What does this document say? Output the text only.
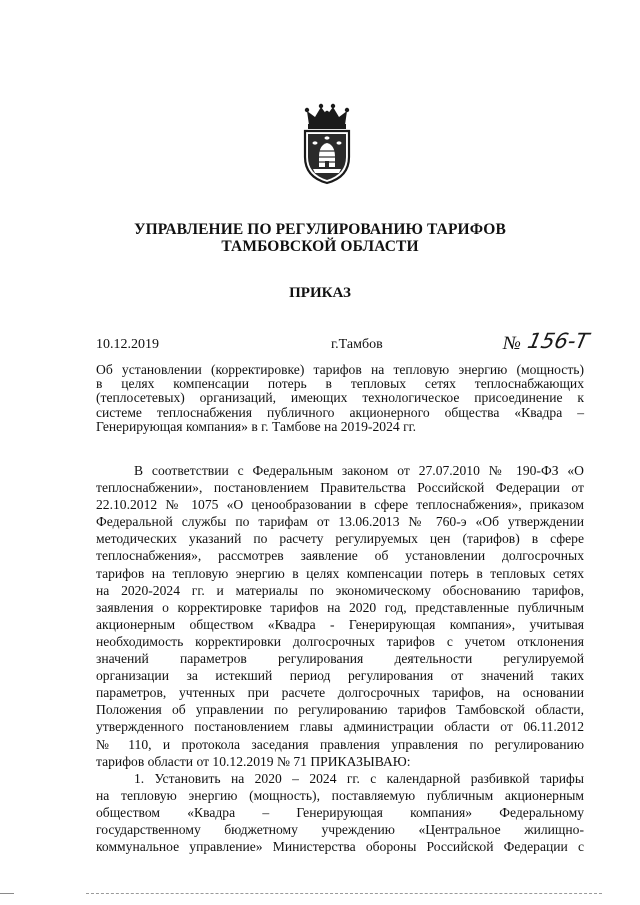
УПРАВЛЕНИЕ ПО РЕГУЛИРОВАНИЮ ТАРИФОВ
ТАМБОВСКОЙ ОБЛАСТИ
ПРИКАЗ
10.12.2019	г.Тамбов	№ 156-Т
Об установлении (корректировке) тарифов на тепловую энергию (мощность)
в целях компенсации потерь в тепловых сетях теплоснабжающих
(теплосетевых) организаций, имеющих технологическое присоединение к
системе теплоснабжения публичного акционерного общества «Квадра –
Генерирующая компания» в г. Тамбове на 2019-2024 гг.
В соответствии с Федеральным законом от 27.07.2010 № 190-ФЗ «О
теплоснабжении», постановлением Правительства Российской Федерации от
22.10.2012 № 1075 «О ценообразовании в сфере теплоснабжения», приказом
Федеральной службы по тарифам от 13.06.2013 № 760-э «Об утверждении
методических указаний по расчету регулируемых цен (тарифов) в сфере
теплоснабжения», рассмотрев заявление об установлении долгосрочных
тарифов на тепловую энергию в целях компенсации потерь в тепловых сетях
на 2020-2024 гг. и материалы по экономическому обоснованию тарифов,
заявления о корректировке тарифов на 2020 год, представленные публичным
акционерным обществом «Квадра - Генерирующая компания», учитывая
необходимость корректировки долгосрочных тарифов с учетом отклонения
значений параметров регулирования деятельности регулируемой
организации за истекший период регулирования от значений таких
параметров, учтенных при расчете долгосрочных тарифов, на основании
Положения об управлении по регулированию тарифов Тамбовской области,
утвержденного постановлением главы администрации области от 06.11.2012
№ 110, и протокола заседания правления управления по регулированию
тарифов области от 10.12.2019 № 71 ПРИКАЗЫВАЮ:
1. Установить на 2020 – 2024 гг. с календарной разбивкой тарифы
на тепловую энергию (мощность), поставляемую публичным акционерным
обществом «Квадра – Генерирующая компания» Федеральному
государственному бюджетному учреждению «Центральное жилищно-
коммунальное управление» Министерства обороны Российской Федерации с
